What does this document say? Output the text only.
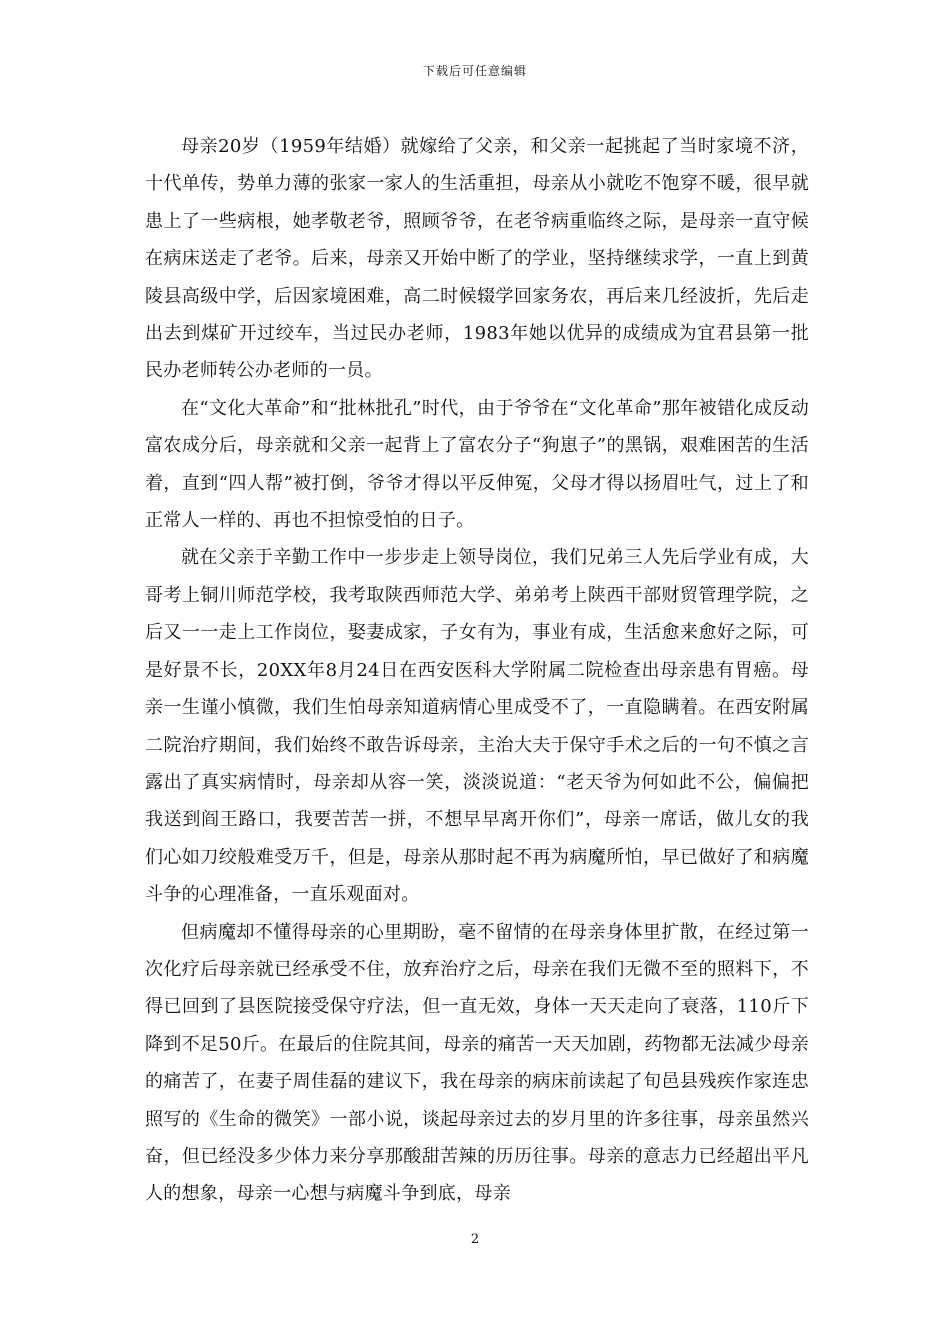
下载后可任意编辑

母亲20岁（1959年结婚）就嫁给了父亲，和父亲一起挑起了当时家境不济，十代单传，势单力薄的张家一家人的生活重担，母亲从小就吃不饱穿不暖，很早就患上了一些病根，她孝敬老爷，照顾爷爷，在老爷病重临终之际，是母亲一直守候在病床送走了老爷。后来，母亲又开始中断了的学业，坚持继续求学，一直上到黄陵县高级中学，后因家境困难，高二时候辍学回家务农，再后来几经波折，先后走出去到煤矿开过绞车，当过民办老师，1983年她以优异的成绩成为宜君县第一批民办老师转公办老师的一员。

在“文化大革命”和“批林批孔”时代，由于爷爷在“文化革命”那年被错化成反动富农成分后，母亲就和父亲一起背上了富农分子“狗崽子”的黑锅，艰难困苦的生活着，直到“四人帮”被打倒，爷爷才得以平反伸冤，父母才得以扬眉吐气，过上了和正常人一样的、再也不担惊受怕的日子。

就在父亲于辛勤工作中一步步走上领导岗位，我们兄弟三人先后学业有成，大哥考上铜川师范学校，我考取陕西师范大学、弟弟考上陕西干部财贸管理学院，之后又一一走上工作岗位，娶妻成家，子女有为，事业有成，生活愈来愈好之际，可是好景不长，20XX年8月24日在西安医科大学附属二院检查出母亲患有胃癌。母亲一生谨小慎微，我们生怕母亲知道病情心里成受不了，一直隐瞒着。在西安附属二院治疗期间，我们始终不敢告诉母亲，主治大夫于保守手术之后的一句不慎之言露出了真实病情时，母亲却从容一笑，淡淡说道：“老天爷为何如此不公，偏偏把我送到阎王路口，我要苦苦一拼，不想早早离开你们”，母亲一席话，做儿女的我们心如刀绞般难受万千，但是，母亲从那时起不再为病魔所怕，早已做好了和病魔斗争的心理准备，一直乐观面对。

但病魔却不懂得母亲的心里期盼，毫不留情的在母亲身体里扩散，在经过第一次化疗后母亲就已经承受不住，放弃治疗之后，母亲在我们无微不至的照料下，不得已回到了县医院接受保守疗法，但一直无效，身体一天天走向了衰落，110斤下降到不足50斤。在最后的住院其间，母亲的痛苦一天天加剧，药物都无法减少母亲的痛苦了，在妻子周佳磊的建议下，我在母亲的病床前读起了旬邑县残疾作家连忠照写的《生命的微笑》一部小说，谈起母亲过去的岁月里的许多往事，母亲虽然兴奋，但已经没多少体力来分享那酸甜苦辣的历历往事。母亲的意志力已经超出平凡人的想象，母亲一心想与病魔斗争到底，母亲

2
